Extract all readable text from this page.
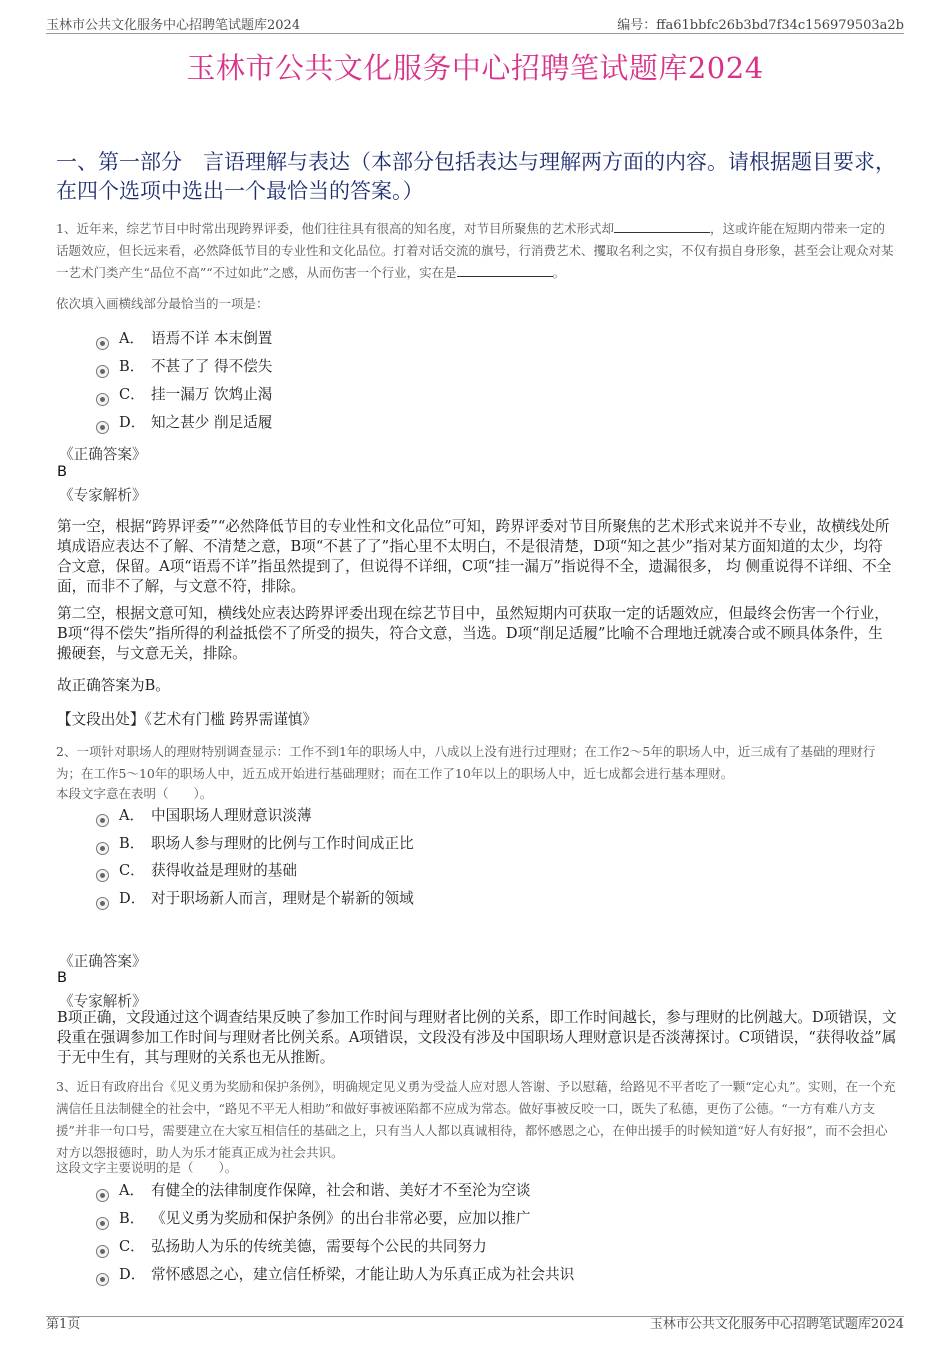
玉林市公共文化服务中心招聘笔试题库2024	编号：ffa61bbfc26b3bd7f34c156979503a2b
玉林市公共文化服务中心招聘笔试题库2024
一、第一部分　言语理解与表达（本部分包括表达与理解两方面的内容。请根据题目要求，在四个选项中选出一个最恰当的答案。）
1、近年来，综艺节目中时常出现跨界评委，他们往往具有很高的知名度，对节目所聚焦的艺术形式却	，这或许能在短期内带来一定的话题效应，但长远来看，必然降低节目的专业性和文化品位。打着对话交流的旗号，行消费艺术、攫取名利之实，不仅有损自身形象，甚至会让观众对某一艺术门类产生“品位不高”“不过如此”之感，从而伤害一个行业，实在是	。
依次填入画横线部分最恰当的一项是：
A． 语焉不详 本末倒置
B． 不甚了了 得不偿失
C． 挂一漏万 饮鸩止渴
D． 知之甚少 削足适履
《正确答案》
B
《专家解析》
第一空，根据“跨界评委”“必然降低节目的专业性和文化品位”可知，跨界评委对节目所聚焦的艺术形式来说并不专业，故横线处所填成语应表达不了解、不清楚之意，B项“不甚了了”指心里不太明白，不是很清楚，D项“知之甚少”指对某方面知道的太少，均符合文意，保留。A项“语焉不详”指虽然提到了，但说得不详细，C项“挂一漏万”指说得不全，遗漏很多， 均 侧重说得不详细、不全面，而非不了解，与文意不符，排除。
第二空，根据文意可知，横线处应表达跨界评委出现在综艺节目中，虽然短期内可获取一定的话题效应，但最终会伤害一个行业，B项“得不偿失”指所得的利益抵偿不了所受的损失，符合文意，当选。D项“削足适履”比喻不合理地迁就凑合或不顾具体条件，生搬硬套，与文意无关，排除。
故正确答案为B。
【文段出处】《艺术有门槛 跨界需谨慎》
2、一项针对职场人的理财特别调查显示：工作不到1年的职场人中，八成以上没有进行过理财；在工作2～5年的职场人中，近三成有了基础的理财行为；在工作5～10年的职场人中，近五成开始进行基础理财；而在工作了10年以上的职场人中，近七成都会进行基本理财。
本段文字意在表明（　　）。
A． 中国职场人理财意识淡薄
B． 职场人参与理财的比例与工作时间成正比
C． 获得收益是理财的基础
D． 对于职场新人而言，理财是个崭新的领域
《正确答案》
B
《专家解析》
B项正确，文段通过这个调查结果反映了参加工作时间与理财者比例的关系，即工作时间越长，参与理财的比例越大。D项错误，文段重在强调参加工作时间与理财者比例关系。A项错误，文段没有涉及中国职场人理财意识是否淡薄探讨。C项错误，“获得收益”属于无中生有，其与理财的关系也无从推断。
3、近日有政府出台《见义勇为奖励和保护条例》，明确规定见义勇为受益人应对恩人答谢、予以慰藉，给路见不平者吃了一颗“定心丸”。实则，在一个充满信任且法制健全的社会中，“路见不平无人相助”和做好事被诬陷都不应成为常态。做好事被反咬一口，既失了私德，更伤了公德。“一方有难八方支援”并非一句口号，需要建立在大家互相信任的基础之上，只有当人人都以真诚相待，都怀感恩之心，在伸出援手的时候知道“好人有好报”，而不会担心对方以怨报德时，助人为乐才能真正成为社会共识。
这段文字主要说明的是（　　）。
A． 有健全的法律制度作保障，社会和谐、美好才不至沦为空谈
B． 《见义勇为奖励和保护条例》的出台非常必要，应加以推广
C． 弘扬助人为乐的传统美德，需要每个公民的共同努力
D． 常怀感恩之心，建立信任桥梁，才能让助人为乐真正成为社会共识
第1页	玉林市公共文化服务中心招聘笔试题库2024
